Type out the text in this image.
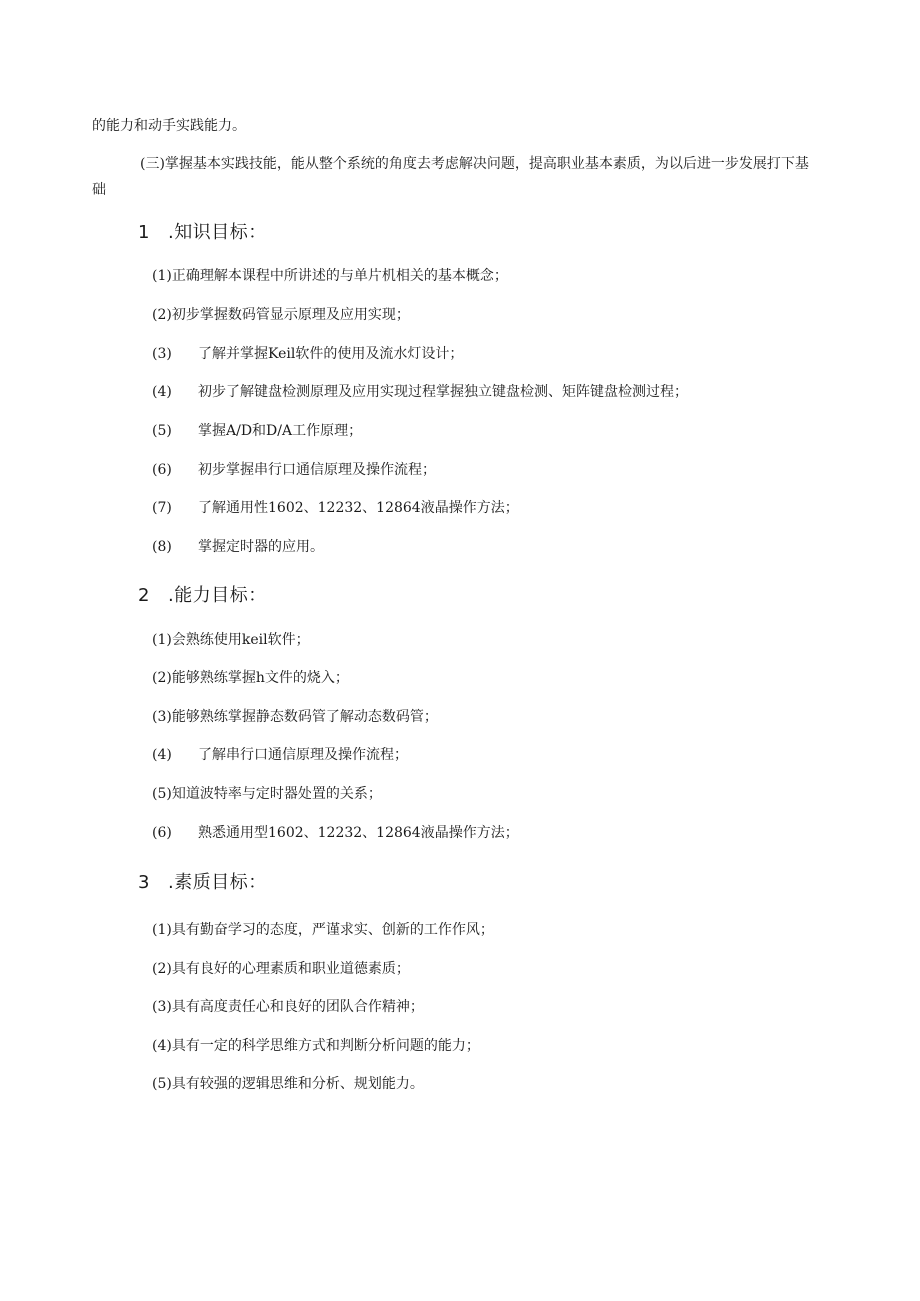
的能力和动手实践能力。

(三)掌握基本实践技能，能从整个系统的角度去考虑解决问题，提高职业基本素质，为以后进一步发展打下基础

1 .知识目标：
(1)正确理解本课程中所讲述的与单片机相关的基本概念；
(2)初步掌握数码管显示原理及应用实现；
(3) 了解并掌握Keil软件的使用及流水灯设计；
(4) 初步了解键盘检测原理及应用实现过程掌握独立键盘检测、矩阵键盘检测过程；
(5) 掌握A/D和D/A工作原理；
(6) 初步掌握串行口通信原理及操作流程；
(7) 了解通用性1602、12232、12864液晶操作方法；
(8) 掌握定时器的应用。
2 .能力目标：
(1)会熟练使用keil软件；
(2)能够熟练掌握h文件的烧入；
(3)能够熟练掌握静态数码管了解动态数码管；
(4) 了解串行口通信原理及操作流程；
(5)知道波特率与定时器处置的关系；
(6) 熟悉通用型1602、12232、12864液晶操作方法；
3 .素质目标：
(1)具有勤奋学习的态度，严谨求实、创新的工作作风；
(2)具有良好的心理素质和职业道德素质；
(3)具有高度责任心和良好的团队合作精神；
(4)具有一定的科学思维方式和判断分析问题的能力；
(5)具有较强的逻辑思维和分析、规划能力。
